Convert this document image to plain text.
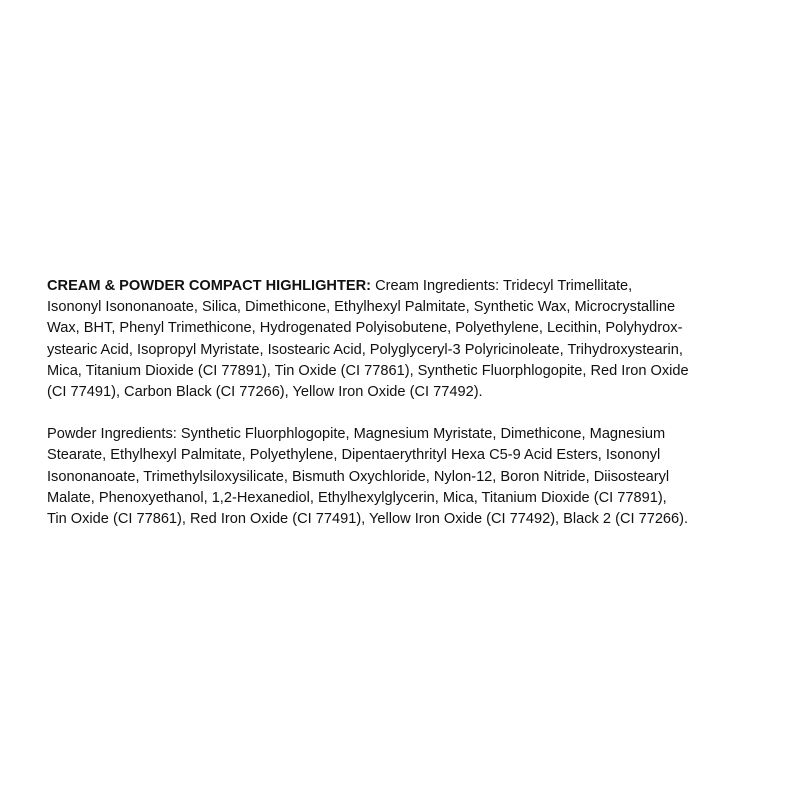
CREAM & POWDER COMPACT HIGHLIGHTER: Cream Ingredients: Tridecyl Trimellitate,
Isononyl Isononanoate, Silica, Dimethicone, Ethylhexyl Palmitate, Synthetic Wax, Microcrystalline
Wax, BHT, Phenyl Trimethicone, Hydrogenated Polyisobutene, Polyethylene, Lecithin, Polyhydrox-
ystearic Acid, Isopropyl Myristate, Isostearic Acid, Polyglyceryl-3 Polyricinoleate, Trihydroxystearin,
Mica, Titanium Dioxide (CI 77891), Tin Oxide (CI 77861), Synthetic Fluorphlogopite, Red Iron Oxide
(CI 77491), Carbon Black (CI 77266), Yellow Iron Oxide (CI 77492).

Powder Ingredients: Synthetic Fluorphlogopite, Magnesium Myristate, Dimethicone, Magnesium
Stearate, Ethylhexyl Palmitate, Polyethylene, Dipentaerythrityl Hexa C5-9 Acid Esters, Isononyl
Isononanoate, Trimethylsiloxysilicate, Bismuth Oxychloride, Nylon-12, Boron Nitride, Diisostearyl
Malate, Phenoxyethanol, 1,2-Hexanediol, Ethylhexylglycerin, Mica, Titanium Dioxide (CI 77891),
Tin Oxide (CI 77861), Red Iron Oxide (CI 77491), Yellow Iron Oxide (CI 77492), Black 2 (CI 77266).
